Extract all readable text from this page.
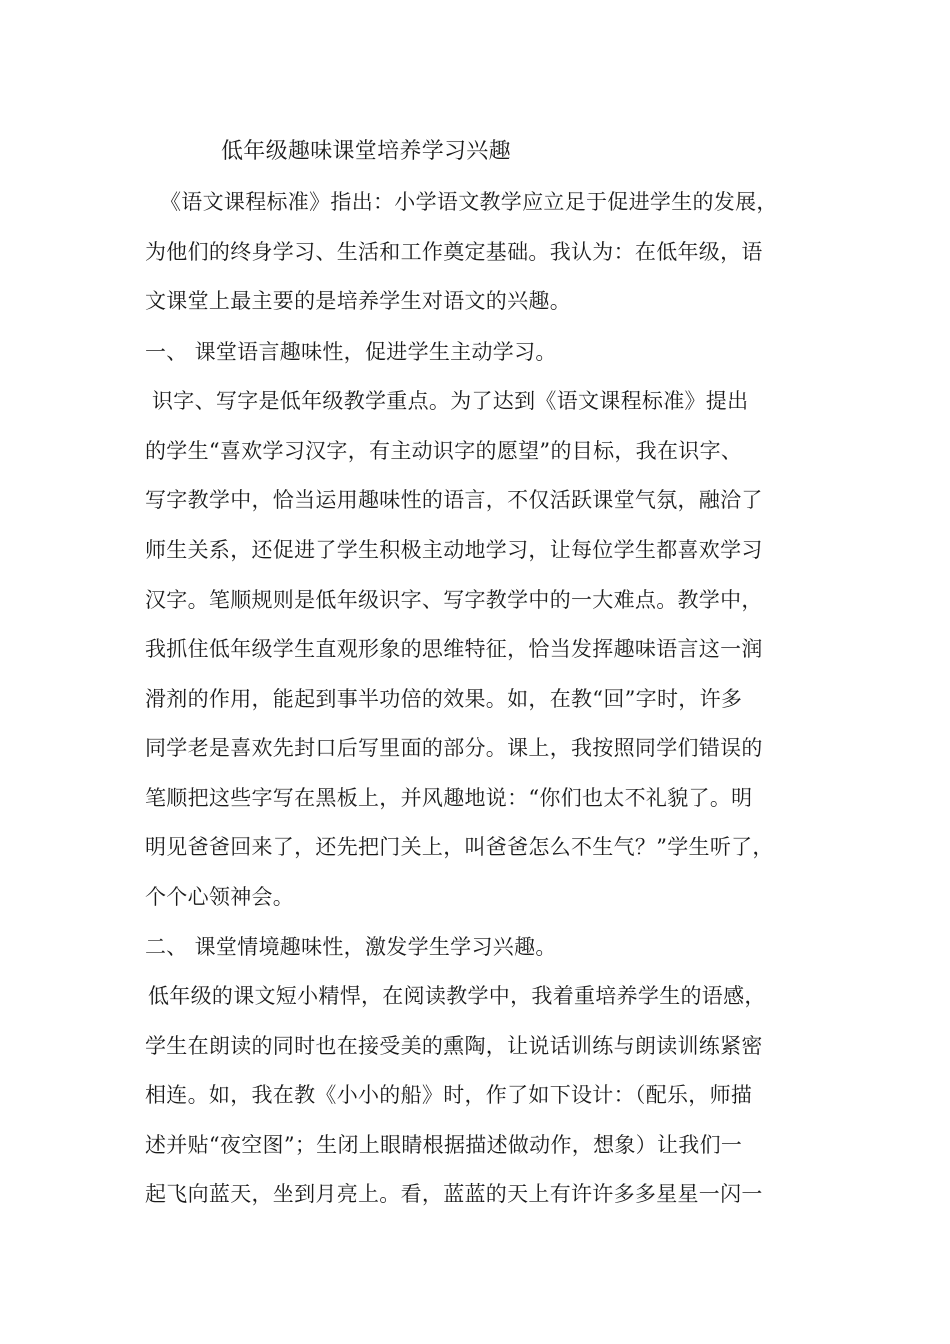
低年级趣味课堂培养学习兴趣
《语文课程标准》指出：小学语文教学应立足于促进学生的发展，
为他们的终身学习、生活和工作奠定基础。我认为：在低年级，语
文课堂上最主要的是培养学生对语文的兴趣。
一、 课堂语言趣味性，促进学生主动学习。
识字、写字是低年级教学重点。为了达到《语文课程标准》提出
的学生“喜欢学习汉字，有主动识字的愿望”的目标，我在识字、
写字教学中，恰当运用趣味性的语言，不仅活跃课堂气氛，融洽了
师生关系，还促进了学生积极主动地学习，让每位学生都喜欢学习
汉字。笔顺规则是低年级识字、写字教学中的一大难点。教学中，
我抓住低年级学生直观形象的思维特征，恰当发挥趣味语言这一润
滑剂的作用，能起到事半功倍的效果。如，在教“回”字时，许多
同学老是喜欢先封口后写里面的部分。课上，我按照同学们错误的
笔顺把这些字写在黑板上，并风趣地说：“你们也太不礼貌了。明
明见爸爸回来了，还先把门关上，叫爸爸怎么不生气？”学生听了，
个个心领神会。
二、 课堂情境趣味性，激发学生学习兴趣。
低年级的课文短小精悍，在阅读教学中，我着重培养学生的语感，
学生在朗读的同时也在接受美的熏陶，让说话训练与朗读训练紧密
相连。如，我在教《小小的船》时，作了如下设计：（配乐，师描
述并贴“夜空图”；生闭上眼睛根据描述做动作，想象）让我们一
起飞向蓝天，坐到月亮上。看，蓝蓝的天上有许许多多星星一闪一
